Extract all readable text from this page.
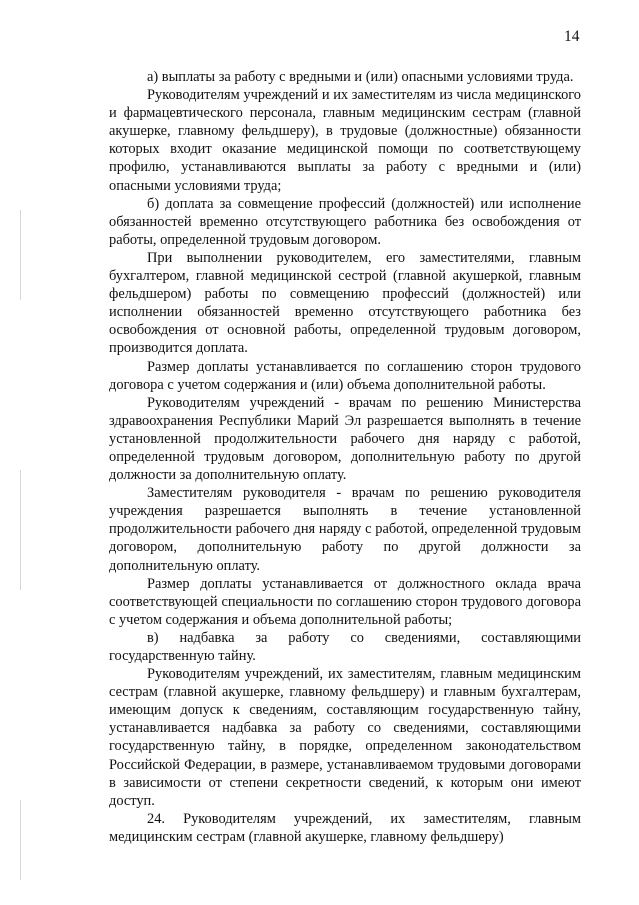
14

а) выплаты за работу с вредными и (или) опасными условиями труда.

Руководителям учреждений и их заместителям из числа медицинского и фармацевтического персонала, главным медицинским сестрам (главной акушерке, главному фельдшеру), в трудовые (должностные) обязанности которых входит оказание медицинской помощи по соответствующему профилю, устанавливаются выплаты за работу с вредными и (или) опасными условиями труда;

б) доплата за совмещение профессий (должностей) или исполнение обязанностей временно отсутствующего работника без освобождения от работы, определенной трудовым договором.

При выполнении руководителем, его заместителями, главным бухгалтером, главной медицинской сестрой (главной акушеркой, главным фельдшером) работы по совмещению профессий (должностей) или исполнении обязанностей временно отсутствующего работника без освобождения от основной работы, определенной трудовым договором, производится доплата.

Размер доплаты устанавливается по соглашению сторон трудового договора с учетом содержания и (или) объема дополнительной работы.

Руководителям учреждений - врачам по решению Министерства здравоохранения Республики Марий Эл разрешается выполнять в течение установленной продолжительности рабочего дня наряду с работой, определенной трудовым договором, дополнительную работу по другой должности за дополнительную оплату.

Заместителям руководителя - врачам по решению руководителя учреждения разрешается выполнять в течение установленной продолжительности рабочего дня наряду с работой, определенной трудовым договором, дополнительную работу по другой должности за дополнительную оплату.

Размер доплаты устанавливается от должностного оклада врача соответствующей специальности по соглашению сторон трудового договора с учетом содержания и объема дополнительной работы;

в) надбавка за работу со сведениями, составляющими государственную тайну.

Руководителям учреждений, их заместителям, главным медицинским сестрам (главной акушерке, главному фельдшеру) и главным бухгалтерам, имеющим допуск к сведениям, составляющим государственную тайну, устанавливается надбавка за работу со сведениями, составляющими государственную тайну, в порядке, определенном законодательством Российской Федерации, в размере, устанавливаемом трудовыми договорами в зависимости от степени секретности сведений, к которым они имеют доступ.

24. Руководителям учреждений, их заместителям, главным медицинским сестрам (главной акушерке, главному фельдшеру)
